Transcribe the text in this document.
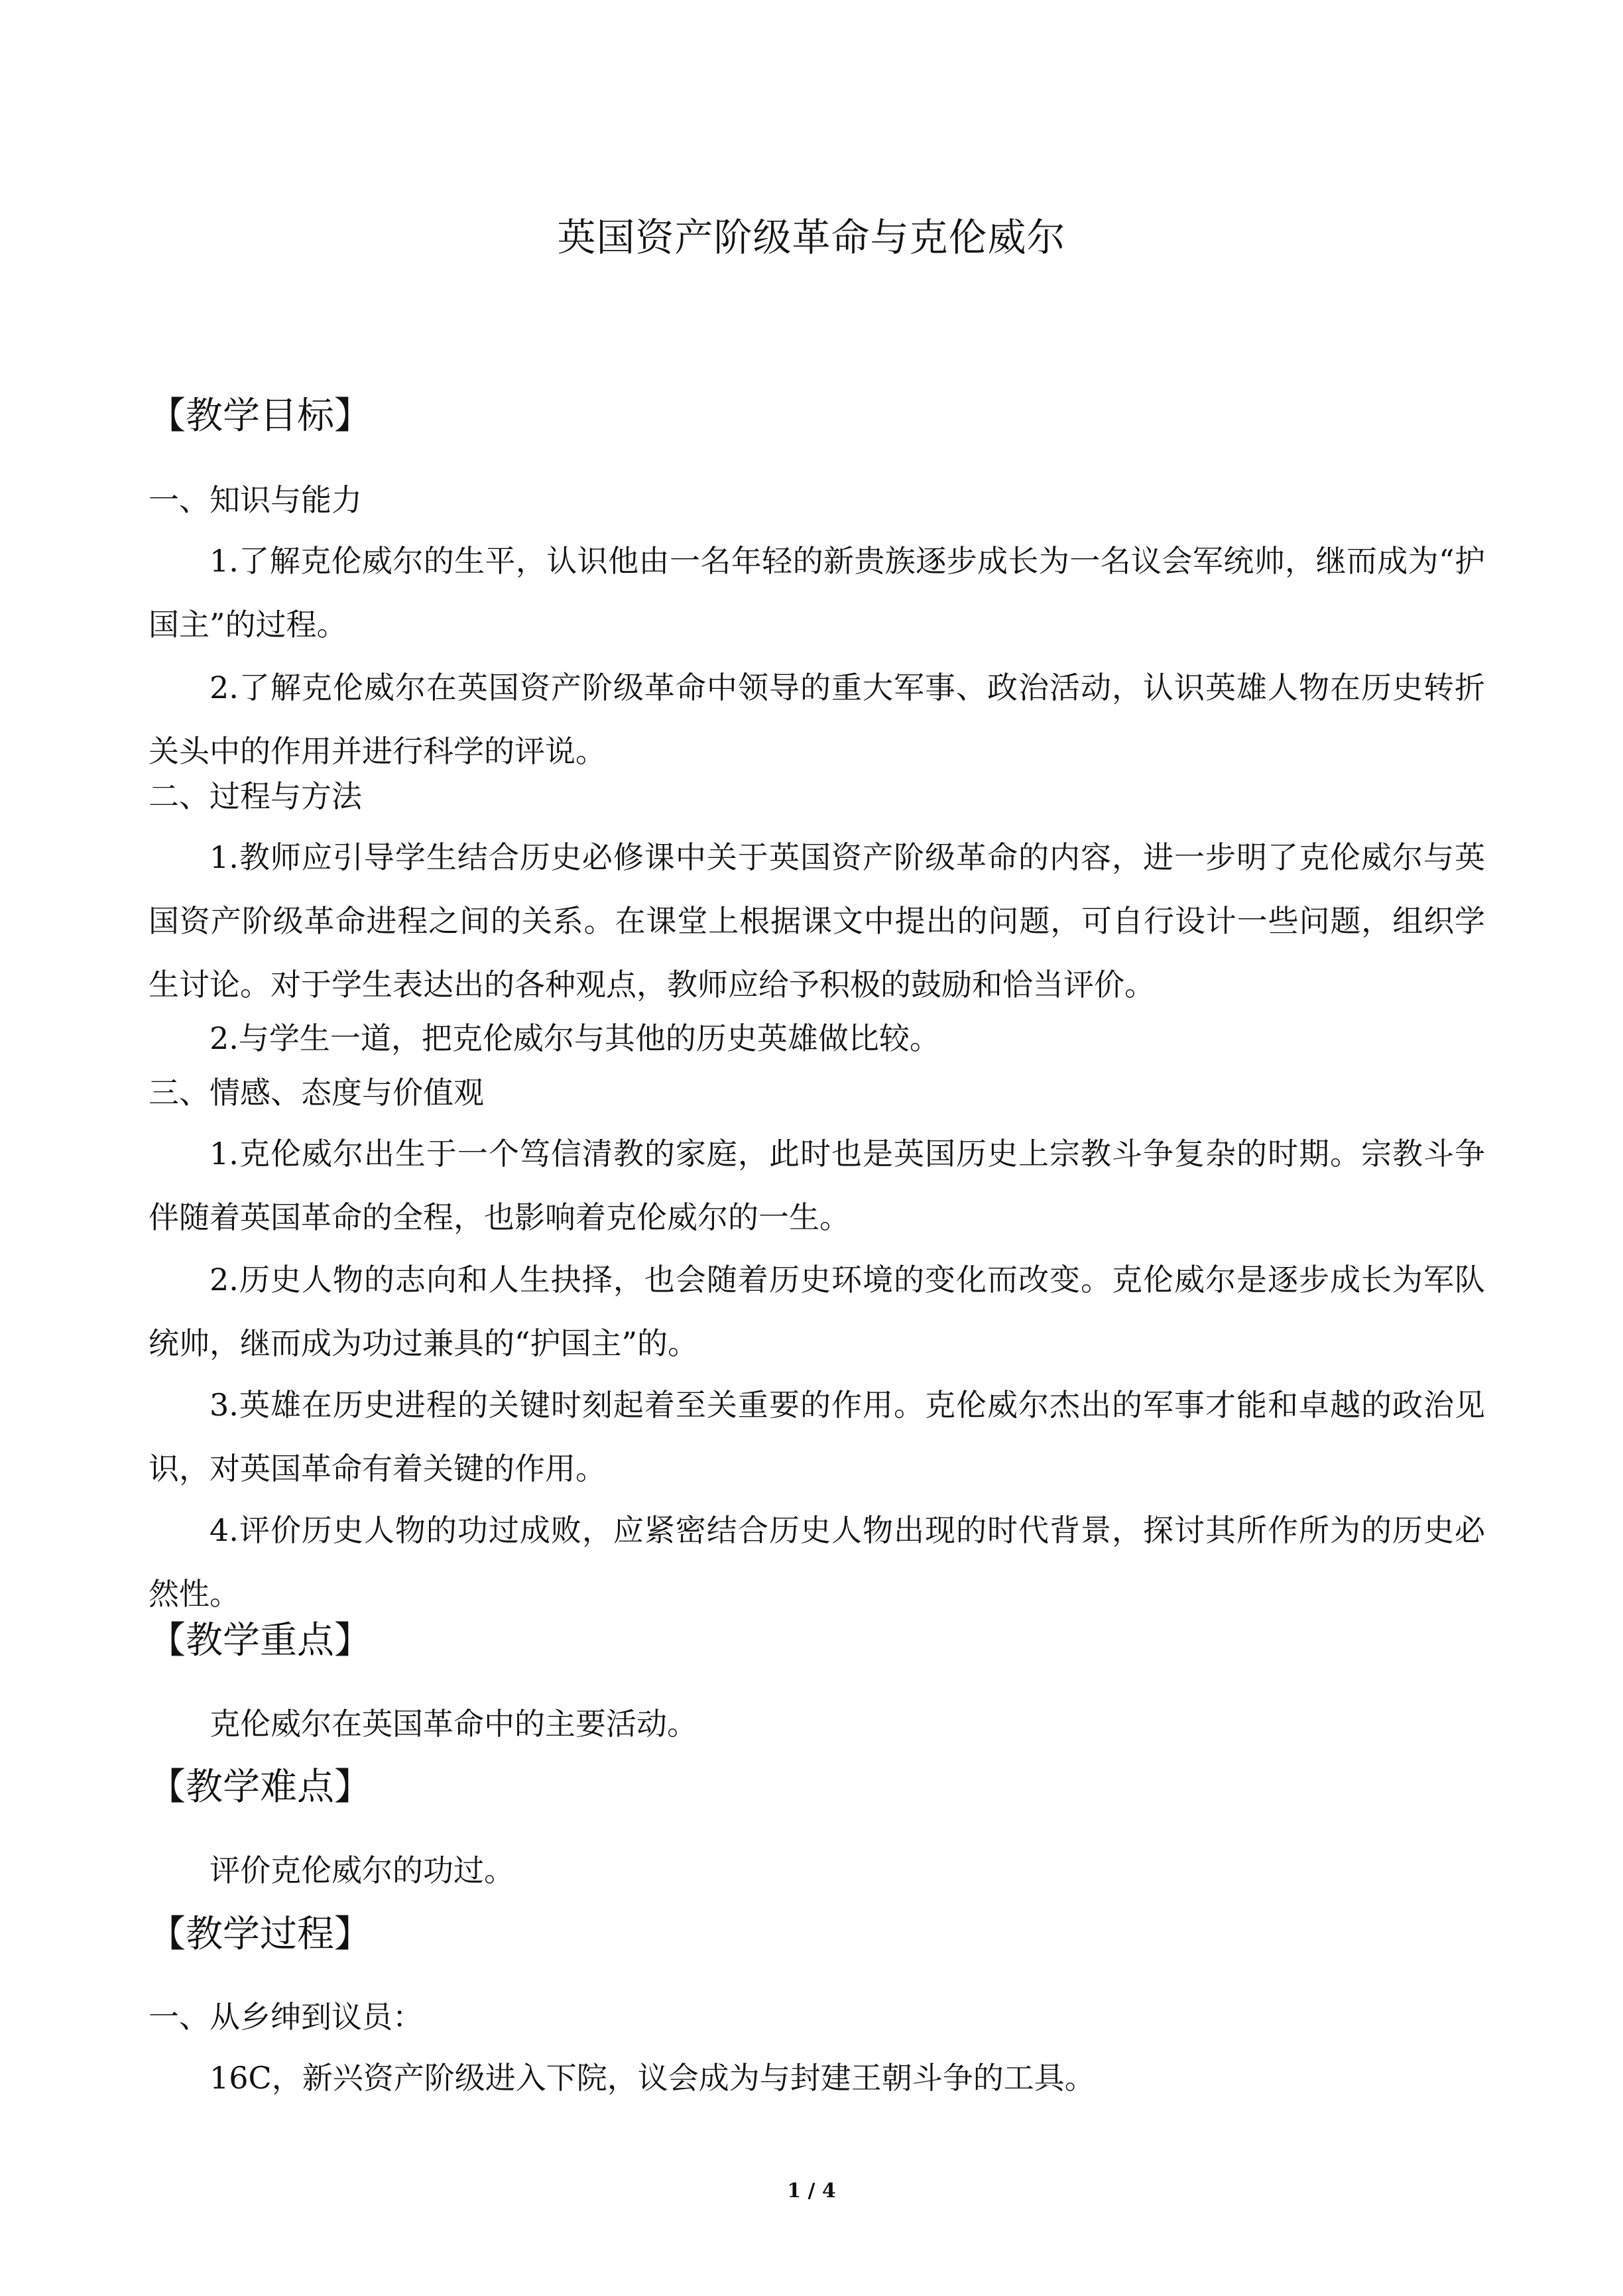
英国资产阶级革命与克伦威尔
【教学目标】
一、知识与能力

1.了解克伦威尔的生平，认识他由一名年轻的新贵族逐步成长为一名议会军统帅，继而成为“护国主”的过程。

2.了解克伦威尔在英国资产阶级革命中领导的重大军事、政治活动，认识英雄人物在历史转折关头中的作用并进行科学的评说。

二、过程与方法

1.教师应引导学生结合历史必修课中关于英国资产阶级革命的内容，进一步明了克伦威尔与英国资产阶级革命进程之间的关系。在课堂上根据课文中提出的问题，可自行设计一些问题，组织学生讨论。对于学生表达出的各种观点，教师应给予积极的鼓励和恰当评价。

2.与学生一道，把克伦威尔与其他的历史英雄做比较。

三、情感、态度与价值观

1.克伦威尔出生于一个笃信清教的家庭，此时也是英国历史上宗教斗争复杂的时期。宗教斗争伴随着英国革命的全程，也影响着克伦威尔的一生。

2.历史人物的志向和人生抉择，也会随着历史环境的变化而改变。克伦威尔是逐步成长为军队统帅，继而成为功过兼具的“护国主”的。

3.英雄在历史进程的关键时刻起着至关重要的作用。克伦威尔杰出的军事才能和卓越的政治见识，对英国革命有着关键的作用。

4.评价历史人物的功过成败，应紧密结合历史人物出现的时代背景，探讨其所作所为的历史必然性。

【教学重点】

克伦威尔在英国革命中的主要活动。

【教学难点】

评价克伦威尔的功过。

【教学过程】
一、从乡绅到议员：

16C，新兴资产阶级进入下院，议会成为与封建王朝斗争的工具。

1 / 4
